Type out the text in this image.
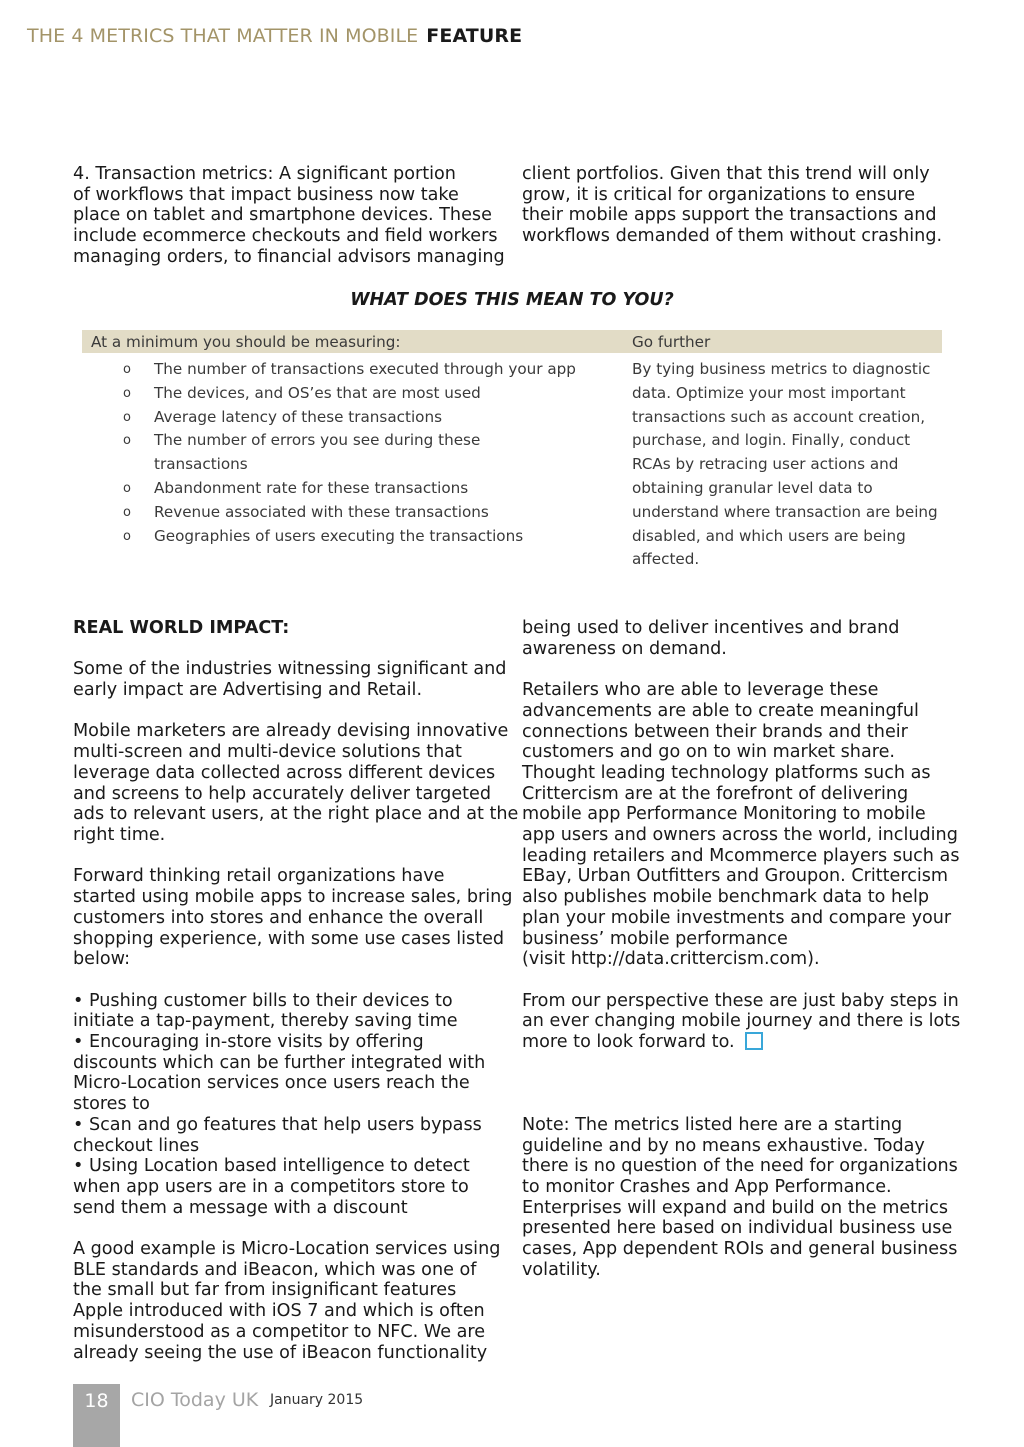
THE 4 METRICS THAT MATTER IN MOBILE FEATURE
4. Transaction metrics: A significant portion
of workflows that impact business now take
place on tablet and smartphone devices. These
include ecommerce checkouts and field workers
managing orders, to financial advisors managing
client portfolios. Given that this trend will only
grow, it is critical for organizations to ensure
their mobile apps support the transactions and
workflows demanded of them without crashing.
WHAT DOES THIS MEAN TO YOU?
At a minimum you should be measuring:	Go further
o The number of transactions executed through your app
o The devices, and OS’es that are most used
o Average latency of these transactions
o The number of errors you see during these
transactions
o Abandonment rate for these transactions
o Revenue associated with these transactions
o Geographies of users executing the transactions
By tying business metrics to diagnostic
data. Optimize your most important
transactions such as account creation,
purchase, and login. Finally, conduct
RCAs by retracing user actions and
obtaining granular level data to
understand where transaction are being
disabled, and which users are being
affected.
REAL WORLD IMPACT:
Some of the industries witnessing significant and
early impact are Advertising and Retail.
Mobile marketers are already devising innovative
multi-screen and multi-device solutions that
leverage data collected across different devices
and screens to help accurately deliver targeted
ads to relevant users, at the right place and at the
right time.
Forward thinking retail organizations have
started using mobile apps to increase sales, bring
customers into stores and enhance the overall
shopping experience, with some use cases listed
below:
• Pushing customer bills to their devices to
initiate a tap-payment, thereby saving time
• Encouraging in-store visits by offering
discounts which can be further integrated with
Micro-Location services once users reach the
stores to
• Scan and go features that help users bypass
checkout lines
• Using Location based intelligence to detect
when app users are in a competitors store to
send them a message with a discount
A good example is Micro-Location services using
BLE standards and iBeacon, which was one of
the small but far from insignificant features
Apple introduced with iOS 7 and which is often
misunderstood as a competitor to NFC. We are
already seeing the use of iBeacon functionality
being used to deliver incentives and brand
awareness on demand.
Retailers who are able to leverage these
advancements are able to create meaningful
connections between their brands and their
customers and go on to win market share.
Thought leading technology platforms such as
Crittercism are at the forefront of delivering
mobile app Performance Monitoring to mobile
app users and owners across the world, including
leading retailers and Mcommerce players such as
EBay, Urban Outfitters and Groupon. Crittercism
also publishes mobile benchmark data to help
plan your mobile investments and compare your
business’ mobile performance
(visit http://data.crittercism.com).
From our perspective these are just baby steps in
an ever changing mobile journey and there is lots
more to look forward to.
Note: The metrics listed here are a starting
guideline and by no means exhaustive. Today
there is no question of the need for organizations
to monitor Crashes and App Performance.
Enterprises will expand and build on the metrics
presented here based on individual business use
cases, App dependent ROIs and general business
volatility.
18	CIO Today UK January 2015
